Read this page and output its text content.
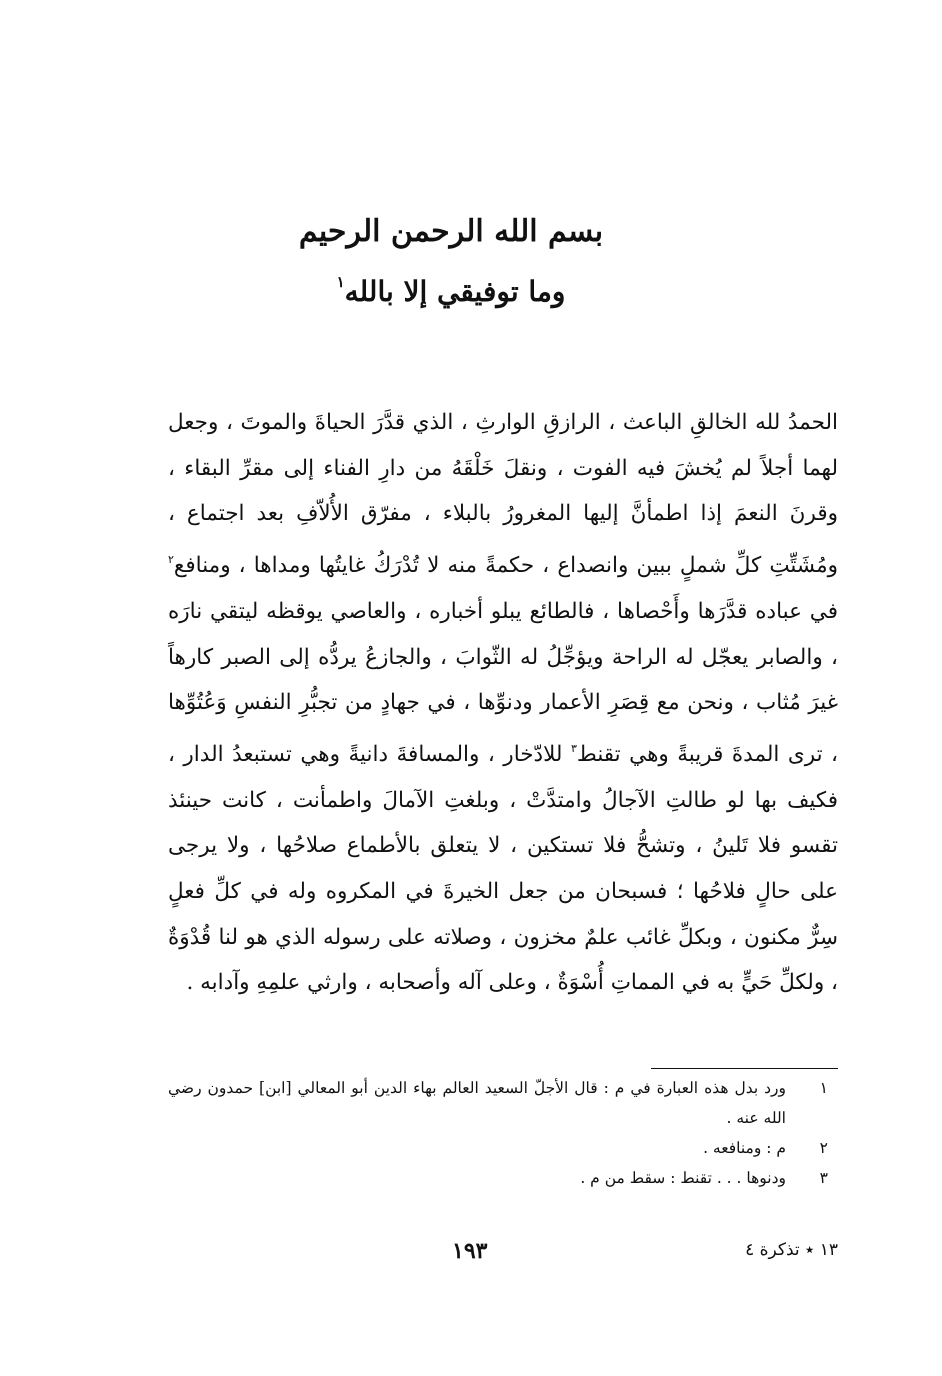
بسم الله الرحمن الرحيم
وما توفيقي إلا بالله$^١$
الحمدُ لله الخالقِ الباعث ، الرازقِ الوارثِ ، الذي قدَّرَ الحياةَ والموتَ ، وجعل لهما أجلاً لم يُخشَ فيه الفوت ، ونقلَ خَلْقَهُ من دارِ الفناء إلى مقرِّ البقاء ، وقرنَ النعمَ إذا اطمأنَّ إليها المغرورُ بالبلاء ، مفرّق الأُلاّفِ بعد اجتماع ، ومُشَتِّتِ كلِّ شملٍ ببين وانصداع ، حكمةً منه لا تُدْرَكُ غايتُها ومداها ، ومنافع$^٢$ في عباده قدَّرَها وأَحْصاها ، فالطائع يبلو أخباره ، والعاصي يوقظه ليتقي نارَه ، والصابر يعجّل له الراحة ويؤجِّلُ له الثّوابَ ، والجازعُ يردُّه إلى الصبر كارهاً غيرَ مُثاب ، ونحن مع قِصَرِ الأعمار ودنوِّها ، في جهادٍ من تجبُّرِ النفسِ وَعُتُوِّها ، ترى المدةَ قريبةً وهي تقنط$^٣$ للادّخار ، والمسافةَ دانيةً وهي تستبعدُ الدار ، فكيف بها لو طالتِ الآجالُ وامتدَّتْ ، وبلغتِ الآمالَ واطمأنت ، كانت حينئذ تقسو فلا تَلينُ ، وتشحُّ فلا تستكين ، لا يتعلق بالأطماع صلاحُها ، ولا يرجى على حالٍ فلاحُها ؛ فسبحان من جعل الخيرةَ في المكروه وله في كلِّ فعلٍ سِرٌّ مكنون ، وبكلِّ غائب علمٌ مخزون ، وصلاته على رسوله الذي هو لنا قُدْوَةٌ ، ولكلِّ حَيٍّ به في المماتِ أُسْوَةٌ ، وعلى آله وأصحابه ، وارثي علمِهِ وآدابه .
١
ورد بدل هذه العبارة في م : قال الأجلّ السعيد العالم بهاء الدين أبو المعالي [ابن] حمدون رضي الله عنه .
٢
م : ومنافعه .
٣
ودنوها . . . تقنط : سقط من م .
١٣ ٭ تذكرة ٤
١٩٣
